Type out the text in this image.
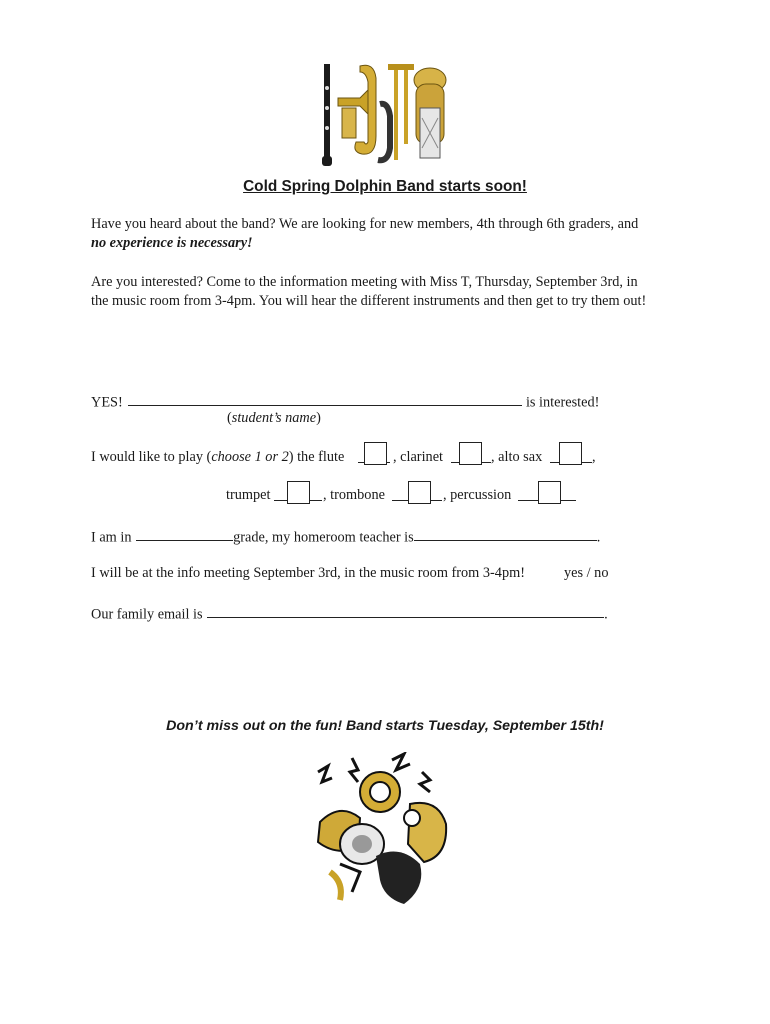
Cold Spring Dolphin Band starts soon!
Have you heard about the band? We are looking for new members, 4th through 6th graders, and
no experience is necessary!
Are you interested? Come to the information meeting with Miss T, Thursday, September 3rd, in
the music room from 3-4pm. You will hear the different instruments and then get to try them out!
YES!	is interested!
(student’s name)
I would like to play (choose 1 or 2) the flute	, clarinet	, alto sax	,
trumpet	, trombone	, percussion
I am in	grade, my homeroom teacher is	.
I will be at the info meeting September 3rd, in the music room from 3-4pm!	yes / no
Our family email is	.
Don’t miss out on the fun! Band starts Tuesday, September 15th!
